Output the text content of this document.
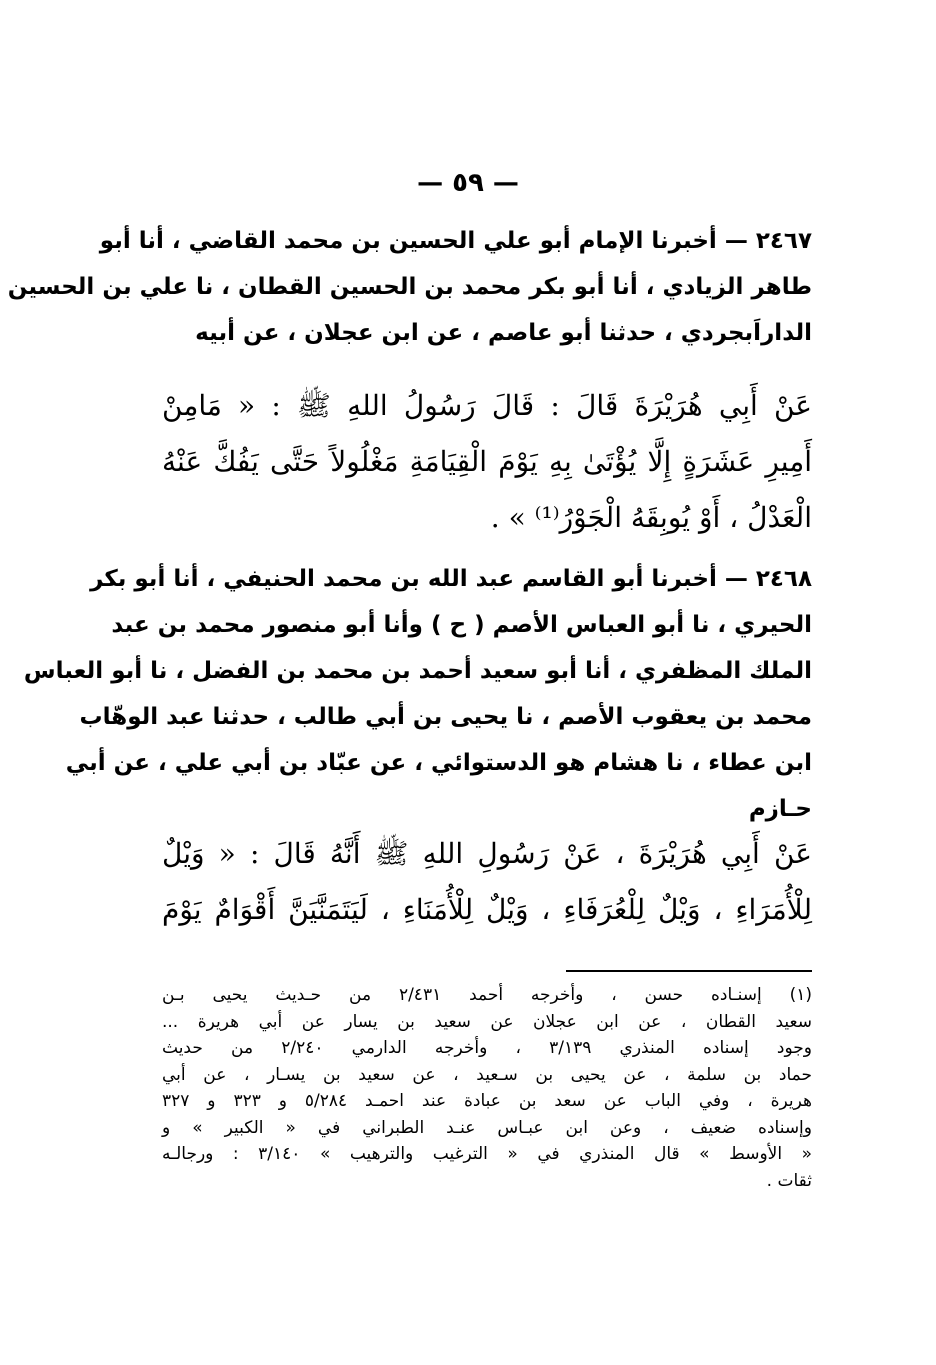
— ٥٩ —
٢٤٦٧ — أخبرنا الإمام أبو علي الحسين بن محمد القاضي ، أنا أبو
طاهر الزيادي ، أنا أبو بكر محمد بن الحسين القطان ، نا علي بن الحسين
الداراَبجردي ، حدثنا أبو عاصم ، عن ابن عجلان ، عن أبيه
عَنْ أَبِي هُرَيْرَةَ قَالَ : قَالَ رَسُولُ اللهِ ﷺ : « مَامِنْ
أَمِيرِ عَشَرَةٍ إِلَّا يُؤْتَىٰ بِهِ يَوْمَ الْقِيَامَةِ مَغْلُولاً حَتَّى يَفُكَّ عَنْهُ
الْعَدْلُ ، أَوْ يُوبِقَهُ الْجَوْرُ⁽¹⁾ » .
٢٤٦٨ — أخبرنا أبو القاسم عبد الله بن محمد الحنيفي ، أنا أبو بكر
الحيري ، نا أبو العباس الأصم ( ح ) وأنا أبو منصور محمد بن عبد
الملك المظفري ، أنا أبو سعيد أحمد بن محمد بن الفضل ، نا أبو العباس
محمد بن يعقوب الأصم ، نا يحيى بن أبي طالب ، حدثنا عبد الوهّاب
ابن عطاء ، نا هشام هو الدستوائي ، عن عبّاد بن أبي علي ، عن أبي
حـازم
عَنْ أَبِي هُرَيْرَةَ ، عَنْ رَسُولِ اللهِ ﷺ أَنَّهُ قَالَ : « وَيْلٌ
لِلْأُمَرَاءِ ، وَيْلٌ لِلْعُرَفَاءِ ، وَيْلٌ لِلْأُمَنَاءِ ، لَيَتَمَنَّيَنَّ أَقْوَامٌ يَوْمَ
(١) إسنـاده حسن ، وأخرجه أحمد ٢/٤٣١ من حـديث يحيى بـن
سعيد القطان ، عن ابن عجلان عن سعيد بن يسار عن أبي هريرة ...
وجود إسناده المنذري ٣/١٣٩ ، وأخرجه الدارمي ٢/٢٤٠ من حديث
حماد بن سلمة ، عن يحيى بن سـعيد ، عن سعيد بن يسـار ، عن أبي
هريرة ، وفي الباب عن سعد بن عبادة عند احمـد ٥/٢٨٤ و ٣٢٣ و ٣٢٧
وإسناده ضعيف ، وعن ابن عبـاس عنـد الطبراني في « الكبير » و
« الأوسط » قال المنذري في « الترغيب والترهيب » ٣/١٤٠ : ورجالـه
ثقات .
